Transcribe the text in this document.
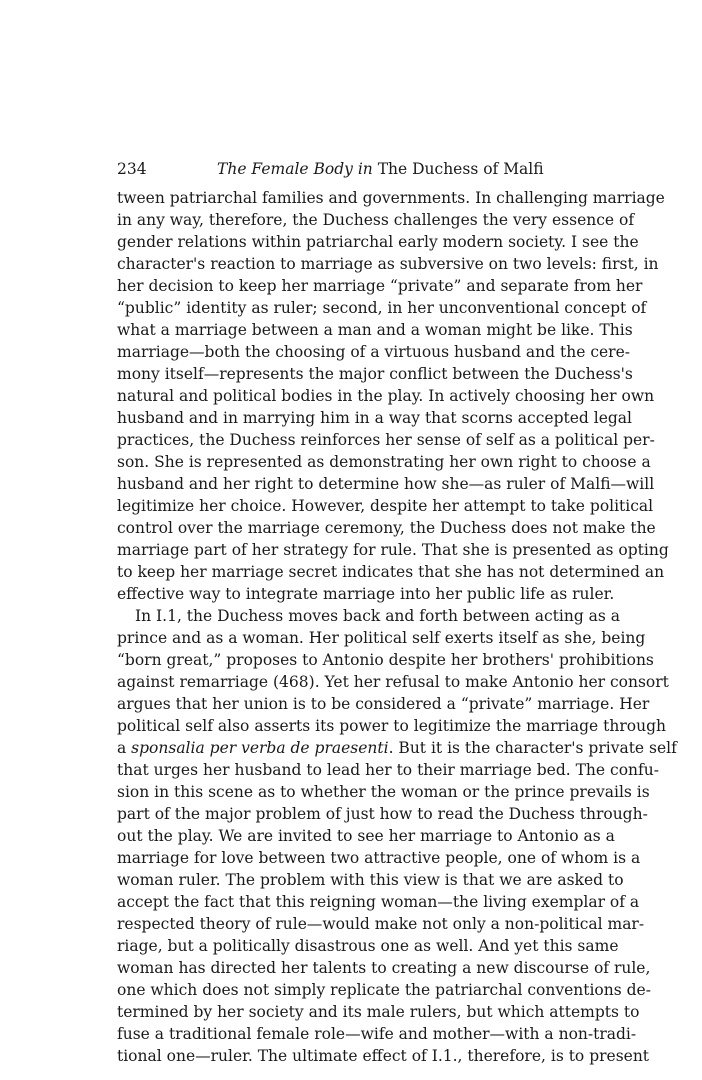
234	The Female Body in The Duchess of Malfi
tween patriarchal families and governments. In challenging marriage
in any way, therefore, the Duchess challenges the very essence of
gender relations within patriarchal early modern society. I see the
character's reaction to marriage as subversive on two levels: first, in
her decision to keep her marriage “private” and separate from her
“public” identity as ruler; second, in her unconventional concept of
what a marriage between a man and a woman might be like. This
marriage—both the choosing of a virtuous husband and the cere-
mony itself—represents the major conflict between the Duchess's
natural and political bodies in the play. In actively choosing her own
husband and in marrying him in a way that scorns accepted legal
practices, the Duchess reinforces her sense of self as a political per-
son. She is represented as demonstrating her own right to choose a
husband and her right to determine how she—as ruler of Malfi—will
legitimize her choice. However, despite her attempt to take political
control over the marriage ceremony, the Duchess does not make the
marriage part of her strategy for rule. That she is presented as opting
to keep her marriage secret indicates that she has not determined an
effective way to integrate marriage into her public life as ruler.
In I.1, the Duchess moves back and forth between acting as a
prince and as a woman. Her political self exerts itself as she, being
“born great,” proposes to Antonio despite her brothers' prohibitions
against remarriage (468). Yet her refusal to make Antonio her consort
argues that her union is to be considered a “private” marriage. Her
political self also asserts its power to legitimize the marriage through
a sponsalia per verba de praesenti. But it is the character's private self
that urges her husband to lead her to their marriage bed. The confu-
sion in this scene as to whether the woman or the prince prevails is
part of the major problem of just how to read the Duchess through-
out the play. We are invited to see her marriage to Antonio as a
marriage for love between two attractive people, one of whom is a
woman ruler. The problem with this view is that we are asked to
accept the fact that this reigning woman—the living exemplar of a
respected theory of rule—would make not only a non-political mar-
riage, but a politically disastrous one as well. And yet this same
woman has directed her talents to creating a new discourse of rule,
one which does not simply replicate the patriarchal conventions de-
termined by her society and its male rulers, but which attempts to
fuse a traditional female role—wife and mother—with a non-tradi-
tional one—ruler. The ultimate effect of I.1., therefore, is to present
